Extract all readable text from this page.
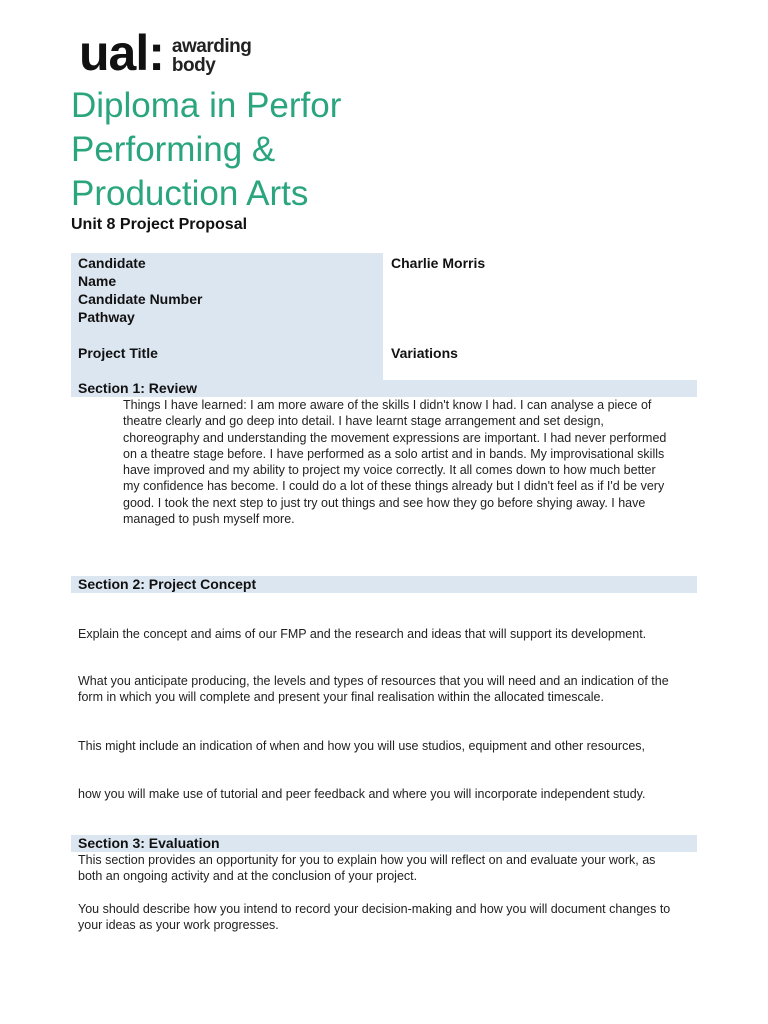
ual: awarding
body
Diploma in Perfor
Performing &
Production Arts
Unit 8 Project Proposal
Candidate
Name
Candidate Number
Pathway
Project Title
Charlie Morris
Variations
Section 1: Review
Things I have learned: I am more aware of the skills I didn't know I had. I can analyse a piece of theatre clearly and go deep into detail. I have learnt stage arrangement and set design, choreography and understanding the movement expressions are important. I had never performed on a theatre stage before. I have performed as a solo artist and in bands. My improvisational skills have improved and my ability to project my voice correctly. It all comes down to how much better my confidence has become. I could do a lot of these things already but I didn't feel as if I'd be very good. I took the next step to just try out things and see how they go before shying away. I have managed to push myself more.
Section 2: Project Concept
Explain the concept and aims of our FMP and the research and ideas that will support its development.
What you anticipate producing, the levels and types of resources that you will need and an indication of the form in which you will complete and present your final realisation within the allocated timescale.
This might include an indication of when and how you will use studios, equipment and other resources,
how you will make use of tutorial and peer feedback and where you will incorporate independent study.
Section 3: Evaluation
This section provides an opportunity for you to explain how you will reflect on and evaluate your work, as both an ongoing activity and at the conclusion of your project.
You should describe how you intend to record your decision-making and how you will document changes to your ideas as your work progresses.
